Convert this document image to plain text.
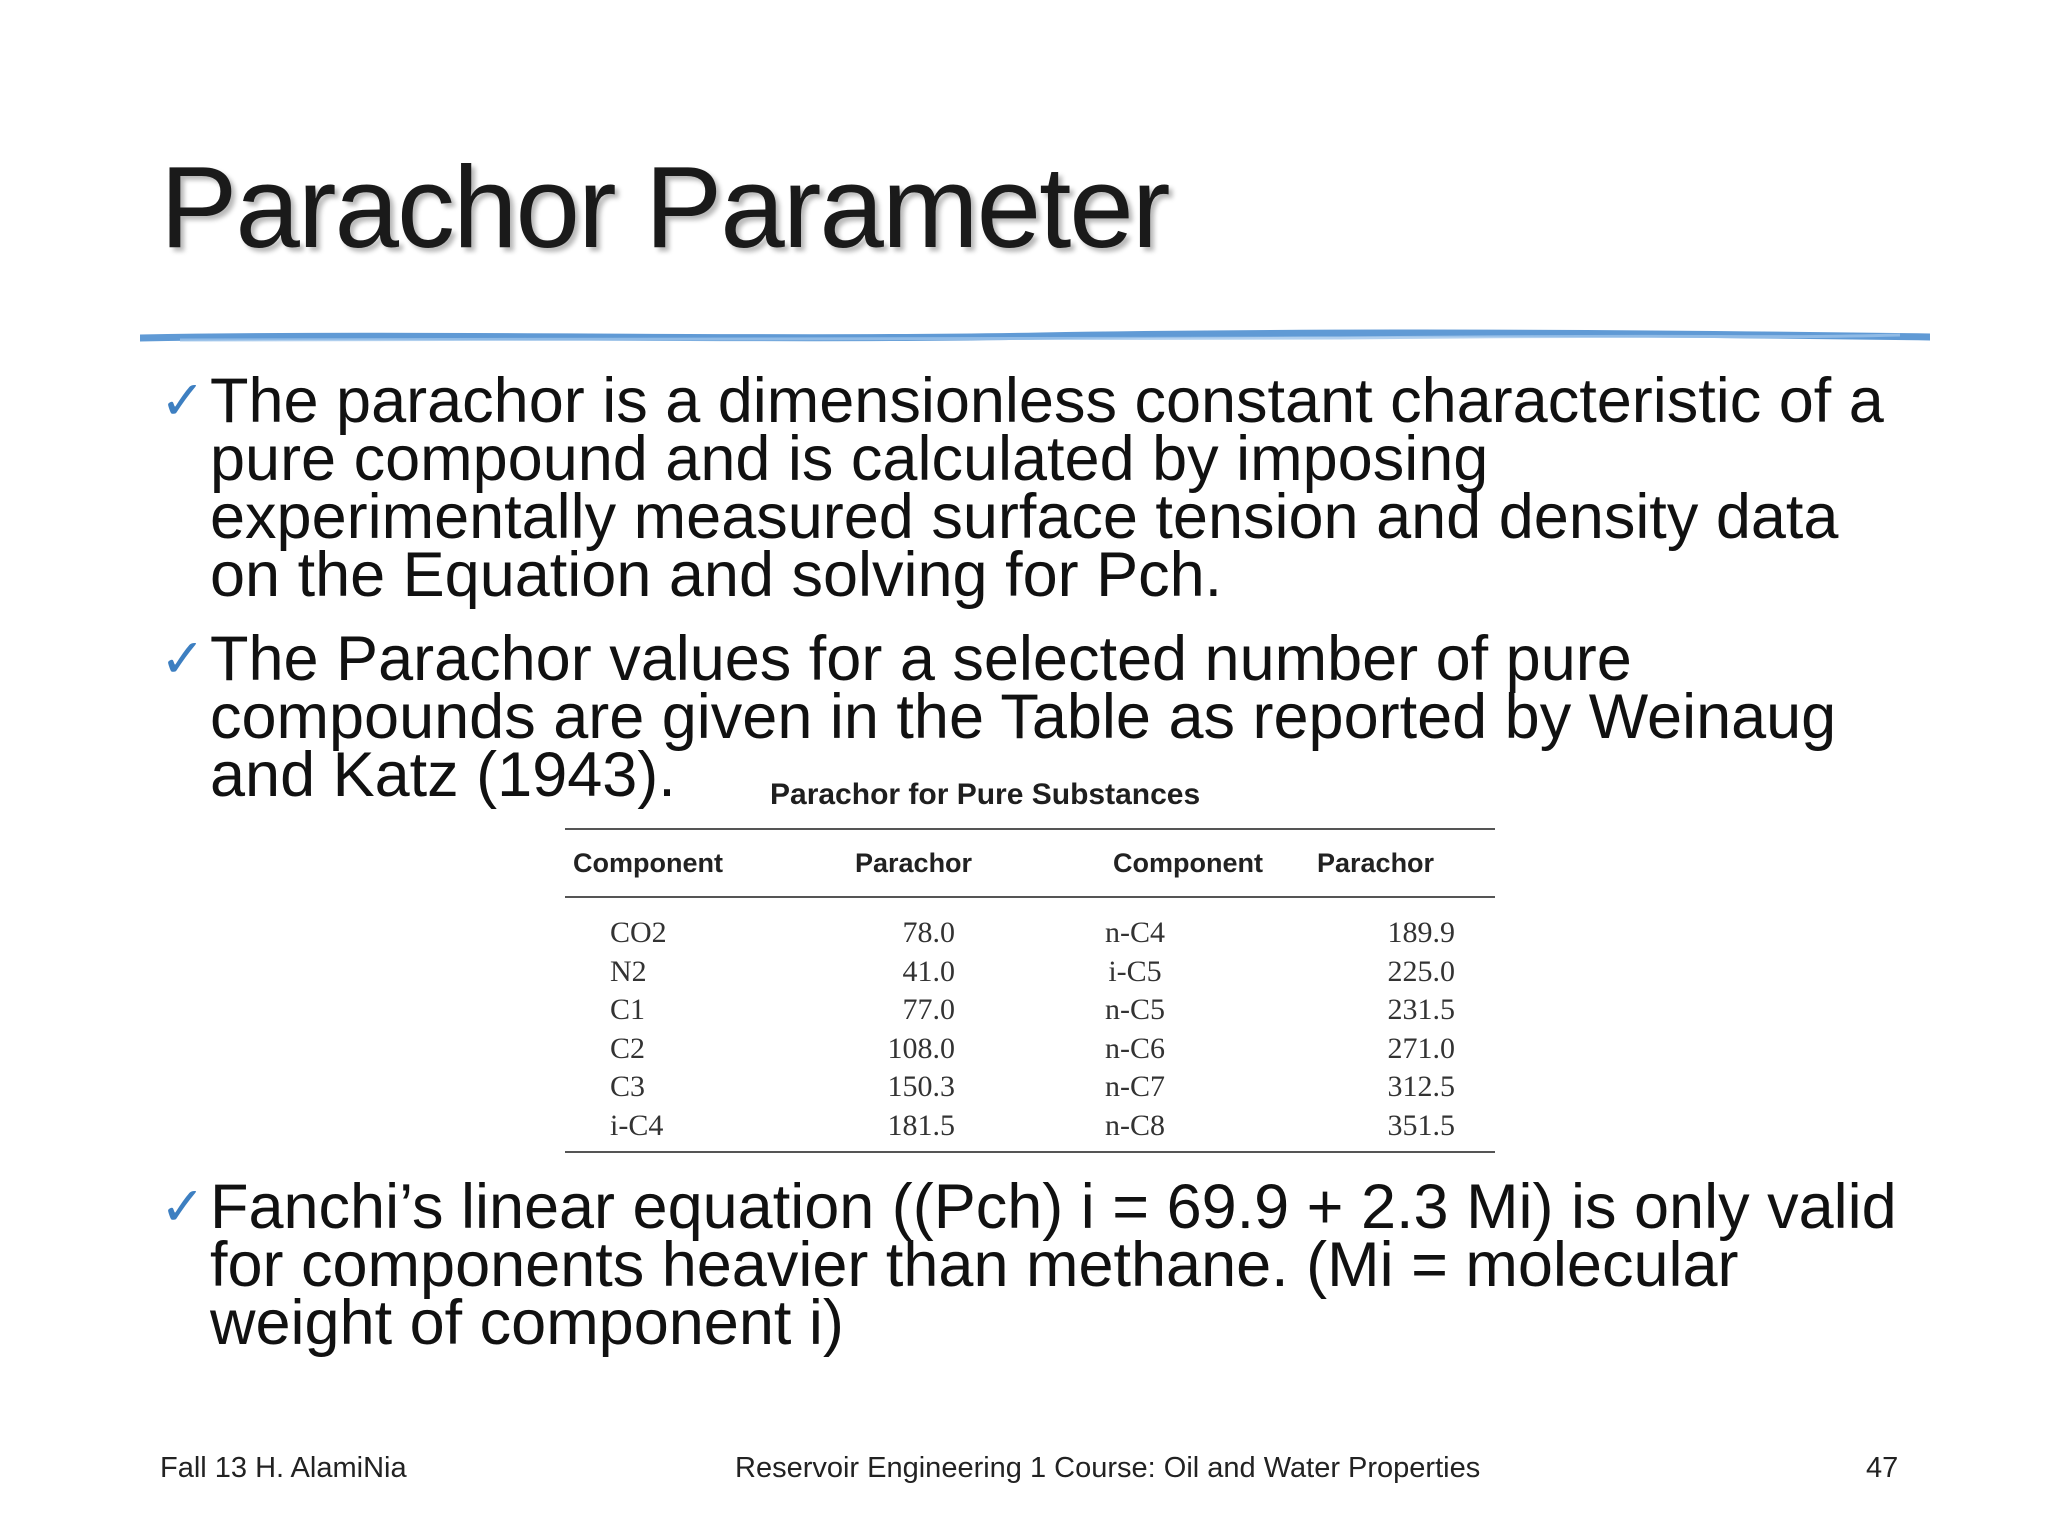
Parachor Parameter
✓ The parachor is a dimensionless constant characteristic of a pure compound and is calculated by imposing experimentally measured surface tension and density data on the Equation and solving for Pch.
✓ The Parachor values for a selected number of pure compounds are given in the Table as reported by Weinaug and Katz (1943).	Parachor for Pure Substances
Component	Parachor	Component	Parachor
CO2	78.0	n-C4	189.9
N2	41.0	i-C5	225.0
C1	77.0	n-C5	231.5
C2	108.0	n-C6	271.0
C3	150.3	n-C7	312.5
i-C4	181.5	n-C8	351.5
✓ Fanchi’s linear equation ((Pch) i = 69.9 + 2.3 Mi) is only valid for components heavier than methane. (Mi = molecular weight of component i)
Fall 13 H. AlamiNia	Reservoir Engineering 1 Course: Oil and Water Properties	47
